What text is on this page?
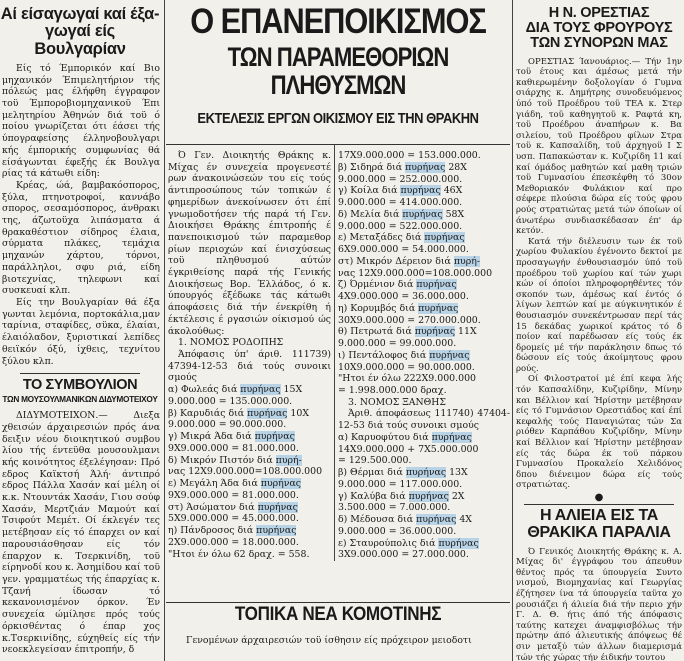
Αί είσαγωγαί καί έξα-
γωγαί είς Βουλγαρίαν

Είς τό Έμπορικόν καί Βιο μηχανικόν Έπιμελητήριον τής πόλεώς μας έλήφθη έγγραφον τοϋ Έμποροβιομηχανικοϋ Έπι μελητηρίου Άθηνών διά τοϋ ό ποίου γνωρίζεται ότι έάσει τής ύπογραφείσης έλληνοβουλγαρι κής έμπορικής συμφωνίας θά είσάγωνται έφεξής έκ Βουλγα ρίας τά κάτωθι είδη:

Κρέας, ώά, βαμβακόσπορος, ξύλα, πτηνοτροφοί, καννάβο σπορος, σεσαμόσπορος, άνθρακι της, άζωτοϋχα λιπάσματα ά θρακαθέστιον σίδηρος έλαια, σύρματα πλάκες, τεμάχια μηχανών χάρτου, τόρνοι, παράλληλοι, σφυ ριά, είδη βιοτεχνίας, τηλεφωνι καί συσκευαί κλπ.

Είς την Βουλγαρίαν θά έξα γωνται λεμόνια, πορτοκάλια,μαν ταρίνια, σταφίδες, σϋκα, έλαίαι, έλαιόλαδον, ξυριστικαί λεπίδες θειϊκόν όξύ, ίχθεις, τεχνίτου ξύλου κλπ.

ΤΟ ΣΥΜΒΟΥΛΙΟΝ
ΤΩΝ ΜΟΥΣΟΥΛΜΑΝΙΚΩΝ ΔΙΔΥΜΟΤΕΙΧΟΥ

ΔΙΔΥΜΟΤΕΙΧΟΝ.— Διεξα χθεισών άρχαιρεσιών πρός άνα δειξιν νέου διοικητικού συμβου λίου τής έντεϋθα μουσουλμανι κής κοινότητος έξελέγησαν: Πρό εδρος Καϊκτσή Άλή· άντιπρό εδρος Πάλλα Χασάν καί μέλη οί κ.κ. Ντουντάκ Χασάν, Γιου σούφ Χασάν, Μερτζιάν Μαμούτ καί Τσιφούτ Μεμέτ. Οί έκλεγέν τες μετέβησαν είς τό έπαρχει ον καί παρουσιάσθησαν είς τόν έπαρχον κ. Τσερκινίδη, τοϋ είρηνοδί κου κ. Άσημίδου καί τοϋ γεν. γραμματέως τής έπαρχίας κ. Τζανή ίδωσαν τό κεκανονισμένον όρκον. Έν συνεχεία ώμίλησε πρός τούς όρκισθέντας ό έπαρ χος κ.Τσερκινίδης, εύχηθείς είς τήν νεοεκλεγείσαν έπιτροπήν, δ

Ο ΕΠΑΝΕΠΟΙΚΙΣΜΟΣ
ΤΩΝ ΠΑΡΑΜΕΘΟΡΙΩΝ ΠΛΗΘΥΣΜΩΝ
ΕΚΤΕΛΕΣΙΣ ΕΡΓΩΝ ΟΙΚΙΣΜΟΥ ΕΙΣ ΤΗΝ ΘΡΑΚΗΝ

Ό Γεν. Διοικητής Θράκης κ. Μίχας έν συνεχεία προγενεστέ ρων άνακοινώσεών του είς τούς άντιπροσώπους τών τοπικών έ φημερίδων άνεκοίνωσεν ότι έπί γνωμοδοτήσεν τής παρά τή Γεν. Διοικήσει Θράκης έπιτροπής έ πανεποικισμού τών παραμεθορ ρίων περιοχών καί ένισχύσεως τοϋ πληθυσμού αύτών έγκριθείσης παρά τής Γενικής Διοικήσεως Βορ. Έλλάδος, ό κ. ύπουργός έξέδωκε τάς κάτωθι άποφάσεις διά τήν ένεκρίθη ή έκτέλεσις έ ργασιών οίκισμού ώς άκολούθως:

1. ΝΟΜΟΣ ΡΟΔΟΠΗΣ

Άπόφασις ύπ' άριθ. 111739) 47394-12-53 διά τούς συνοικι σμούς

α) Φωλεάς διά πυρήνας 15Χ
9.000.000 = 135.000.000.
β) Καρυδιάς διά πυρήνας 10Χ
9.000.000 = 90.000.000.
γ) Μικρά Άδα διά πυρήνας
9Χ9.000.000 = 81.000.000.
δ) Μικρόν Πιστόν διά πυρή-
νας 12Χ9.000.000=108.000.000
ε) Μεγάλη Άδα διά πυρήνας
9Χ9.000.000 = 81.000.000.
στ) Άσώματον διά πυρήνας
5Χ9.000.000 = 45.000.000.
η) Πάνδροσος διά πυρήνας
2Χ9.000.000 = 18.000.000.
"Ητοι έν όλω 62 δραχ. = 558.

17Χ9.000.000 = 153.000.000.
β) Σιδηρά διά πυρήνας 28Χ
9.000.000 = 252.000.000.
γ) Κοίλα διά πυρήνας 46Χ
9.000.000 = 414.000.000.
δ) Μελία διά πυρήνας 58Χ
9.000.000 = 522.000.000.
ε) Μεταξάδες διά πυρήνας
6Χ9.000.000 = 54.000.000.
στ) Μικρόν Δέρειον διά πυρή-
νας 12Χ9.000.000=108.000.000
ζ) Όρμένιον διά πυρήνας
4Χ9.000.000 = 36.000.000.
η) Κορυμβός διά πυρήνας
30Χ9.000.000 = 270.000.000.
θ) Πετρωτά διά πυρήνας 11Χ
9.000.000 = 99.000.000.
ι) Πεντάλοφος διά πυρήνας
10Χ9.000.000 = 90.000.000.
"Ητοι έν όλω 222Χ9.000.000
= 1.998.000.000 δραχ.

3. ΝΟΜΟΣ ΞΑΝΘΗΣ

Άριθ. άποφάσεως 111740) 47404-12-53 διά τούς συνοικι σμούς

α) Καρυοφύτου διά πυρήνας
14Χ9.000.000 + 7Χ5.000.000
= 129.500.000.
β) Θέρμαι διά πυρήνας 13Χ
9.000.000 = 117.000.000.
γ) Καλύβα διά πυρήνας 2Χ
3.500.000 = 7.000.000.
δ) Μέδουσα διά πυρήνας 4Χ
9.000.000 = 36.000.000.
ε) Σταυρούπολις διά πυρήνας
3Χ9.000.000 = 27.000.000.
ΤΟΠΙΚΑ ΝΕΑ ΚΟΜΟΤΙΝΗΣ
Γενομένων άρχαιρεσιών τοϋ ίσθησιν είς πρόχειρον μειοδοτι
Η Ν. ΟΡΕΣΤΙΑΣ
ΔΙΑ ΤΟΥΣ ΦΡΟΥΡΟΥΣ
ΤΩΝ ΣΥΝΟΡΩΝ ΜΑΣ

ΟΡΕΣΤΙΑΣ Ίανουάριος.— Τήν 1ην τοϋ έτους και άμέσως μετά τήν καθιερωμένην δοξολογίαν ό Γυμνα σιάρχης κ. Δημήτρης συνοδευόμενος ύπό τοϋ Προέδρου τοϋ ΤΕΑ κ. Στερ γιάδη, τοϋ καθηγητοϋ κ. Ραφτά κη, τοϋ Προέδρου άναπήρων κ. Βα σιλείου, τοϋ Προέδρου φίλων Στρα τοϋ κ. Καπσαλίδη, τοϋ άρχηγοϋ Ι Σ υσπ. Παπακώσταν κ. Κυζιρίδη 11 καί καί όμάδος μαθητών καί μαθη τριών τοϋ Γυμνασίου έπεσκέφθη τό 30ον Μεθοριακόν Φυλάκιον καί προ σέφερε πλούσια δώρα είς τούς φρου ρούς στρατιώτας μετά τών όποίων οί άνωτέρω συνδιασκέδασαν έπ' άρ κετόν.

Κατά τήν διέλευσιν των έκ τοϋ χωρίου Φυλακίου έγένοντο δεκτοί με προσαγωγήν ένθουσιασμόν ύπό τοϋ προέδρου τοϋ χωρίου καί τών χωρι κών οί όποίοι πληροφορηθέντες τόν σκοπόν των, άμέσως καί έντός ό λίγων λεπτών καί με αύγκινητικόν έ θουσιασμόν συνεκέντρωσαν περί τάς 15 δεκάδας χωρικοί κράτος τό δ ποίον καί παρέδωσαν είς τούς έκ δρομείς μέ τήν παράκλησιν δπως τό δώσουν είς τούς άκοίμητους φρου ρούς.

Οί Φιλοστρατοί μέ έπί κεφα λής τόν Καπσαλίδην, Κυζιρίδην, Μίνην και Βέλλιον καί Ήρίστην μετέβησαν είς τό Γυμνάσιον Ορεστιάδος καί έπί κεφαλής τούς Παναγιώτας τών Σα ριόθεν Καρπάθου Κυζιρίδην, Μίνην καί Βέλλιον καί Ήρίστην μετέβησαν είς τάς δώρα έκ τοϋ πάρκου Γυμνασίου Προκαλείο Χελιδόνος δπου διένειμον δώρα είς τούς στρατιώτας.

●
Η ΑΛΙΕΙΑ ΕΙΣ ΤΑ
ΘΡΑΚΙΚΑ ΠΑΡΑΛΙΑ

Ό Γενικός Διοικητής Θράκης κ. Α. Μίχας δι' έγγράφου του άπευθυν θέντος πρός τα ύπουργεία Συντο νισμού, Βιομηχανίας καί Γεωργίας έζήτησεν ίνα τά ύπουργεία ταϋτα χο ρουσιάζει ή άλιεία διά τήν περιο χήν Γ. Δ. Θ. ήτις άπό τής άπόφασις ταύτης κατεχει άναμφισβόλως τήν πρώτην άπό άλιευτικής άπόψεως θέ σιν μεταξύ τών άλλων διαμερισμά τών τής χώρας τήν έιδικήν τουτου
